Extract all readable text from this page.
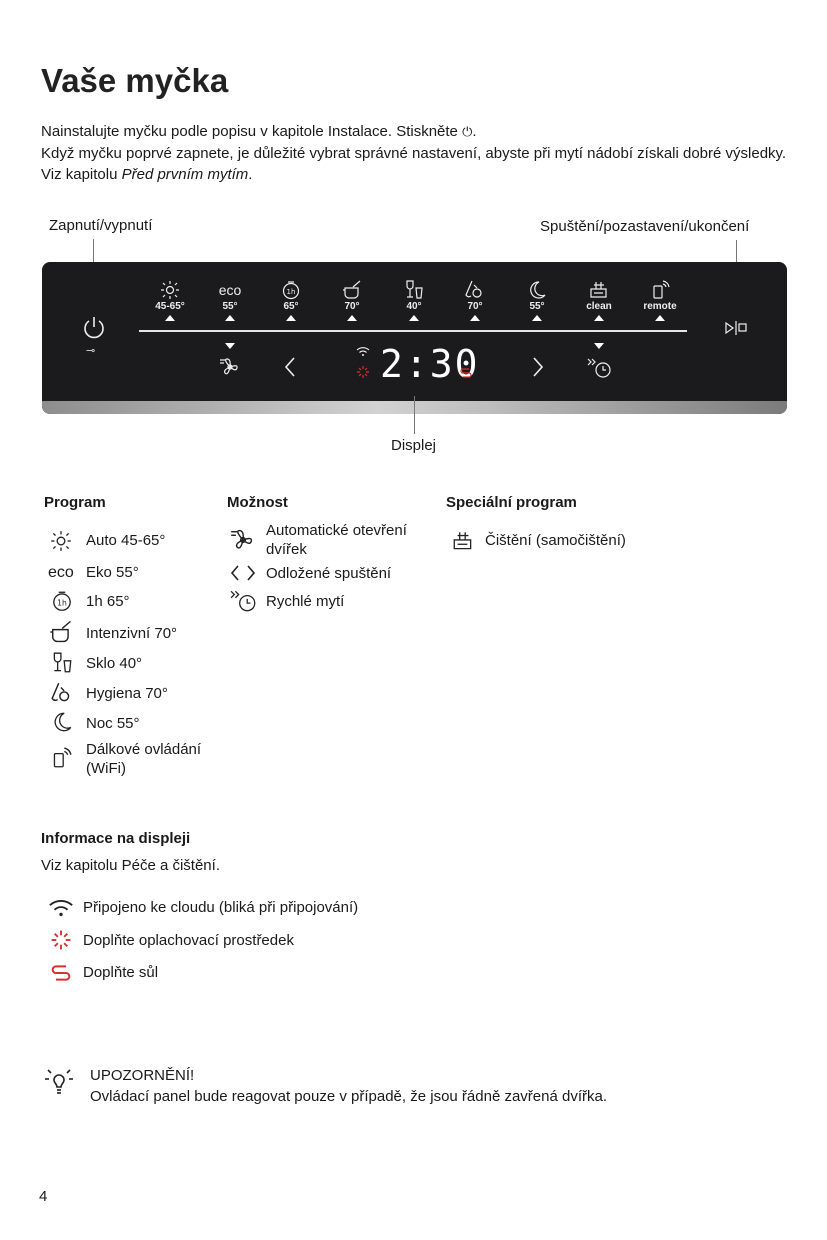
Vaše myčka

Nainstalujte myčku podle popisu v kapitole Instalace. Stiskněte ⏻.

Když myčku poprvé zapnete, je důležité vybrat správné nastavení, abyste při mytí nádobí získali dobré výsledky. Viz kapitolu Před prvním mytím.

Zapnutí/vypnutí	Spuštění/pozastavení/ukončení
⊸
45-65°
eco
55°
1h
65°	70°	40°	70°	55°	clean	remote
2:30
Displej
Program	Možnost	Speciální program
Auto 45-65°
eco Eko 55°
1h 1h 65°
Intenzivní 70°
Sklo 40°
Hygiena 70°
Noc 55°
Dálkové ovládání (WiFi)
Automatické otevření dvířek
Odložené spuštění
Rychlé mytí
Čištění (samočištění)
Informace na displeji
Viz kapitolu Péče a čištění.
Připojeno ke cloudu (bliká při připojování)
Doplňte oplachovací prostředek
Doplňte sůl
UPOZORNĚNÍ!
Ovládací panel bude reagovat pouze v případě, že jsou řádně zavřená dvířka.
4
